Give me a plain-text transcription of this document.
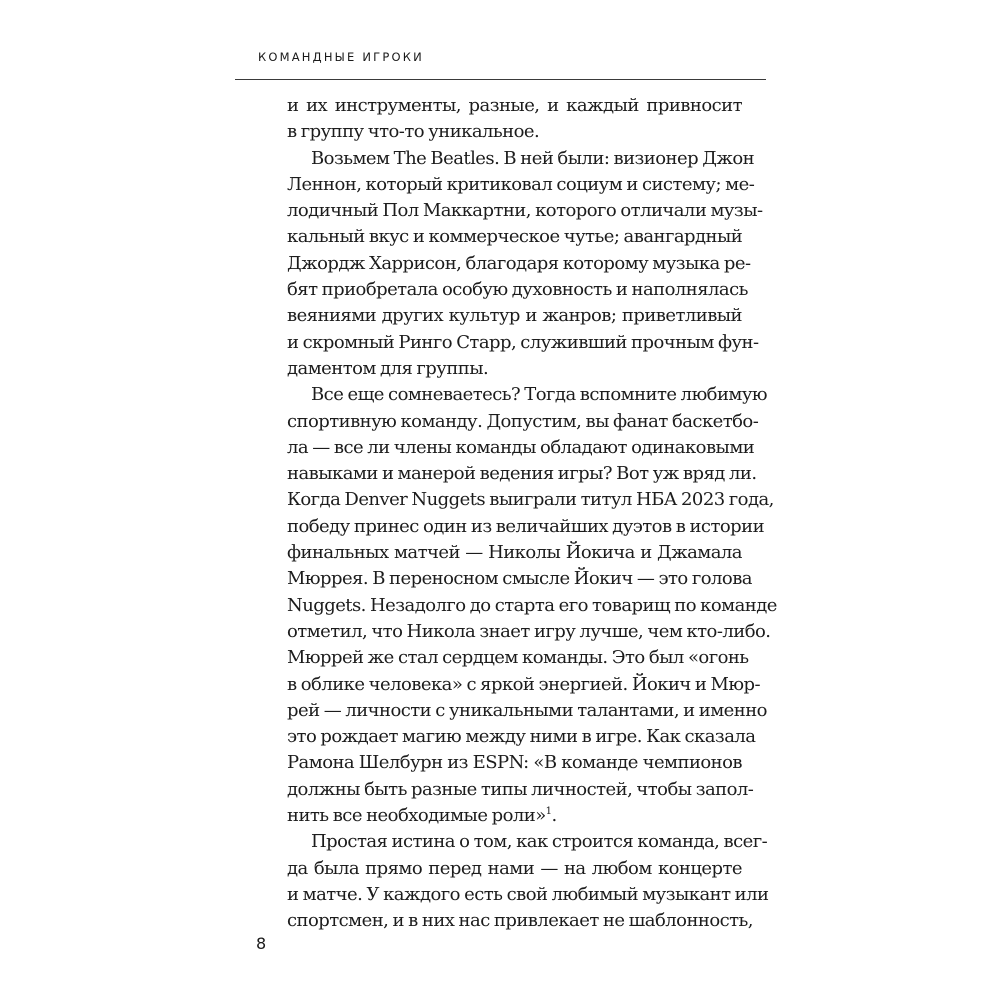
КОМАНДНЫЕ ИГРОКИ
и их инструменты, разные, и каждый привносит
в группу что-то уникальное.
Возьмем The Beatles. В ней были: визионер Джон
Леннон, который критиковал социум и систему; ме-
лодичный Пол Маккартни, которого отличали музы-
кальный вкус и коммерческое чутье; авангардный
Джордж Харрисон, благодаря которому музыка ре-
бят приобретала особую духовность и наполнялась
веяниями других культур и жанров; приветливый
и скромный Ринго Старр, служивший прочным фун-
даментом для группы.
Все еще сомневаетесь? Тогда вспомните любимую
спортивную команду. Допустим, вы фанат баскетбо-
ла — все ли члены команды обладают одинаковыми
навыками и манерой ведения игры? Вот уж вряд ли.
Когда Denver Nuggets выиграли титул НБА 2023 года,
победу принес один из величайших дуэтов в истории
финальных матчей — Николы Йокича и Джамала
Мюррея. В переносном смысле Йокич — это голова
Nuggets. Незадолго до старта его товарищ по команде
отметил, что Никола знает игру лучше, чем кто-либо.
Мюррей же стал сердцем команды. Это был «огонь
в облике человека» с яркой энергией. Йокич и Мюр-
рей — личности с уникальными талантами, и именно
это рождает магию между ними в игре. Как сказала
Рамона Шелбурн из ESPN: «В команде чемпионов
должны быть разные типы личностей, чтобы запол-
нить все необходимые роли»$^1$.
Простая истина о том, как строится команда, всег-
да была прямо перед нами — на любом концерте
и матче. У каждого есть свой любимый музыкант или
спортсмен, и в них нас привлекает не шаблонность,
8
